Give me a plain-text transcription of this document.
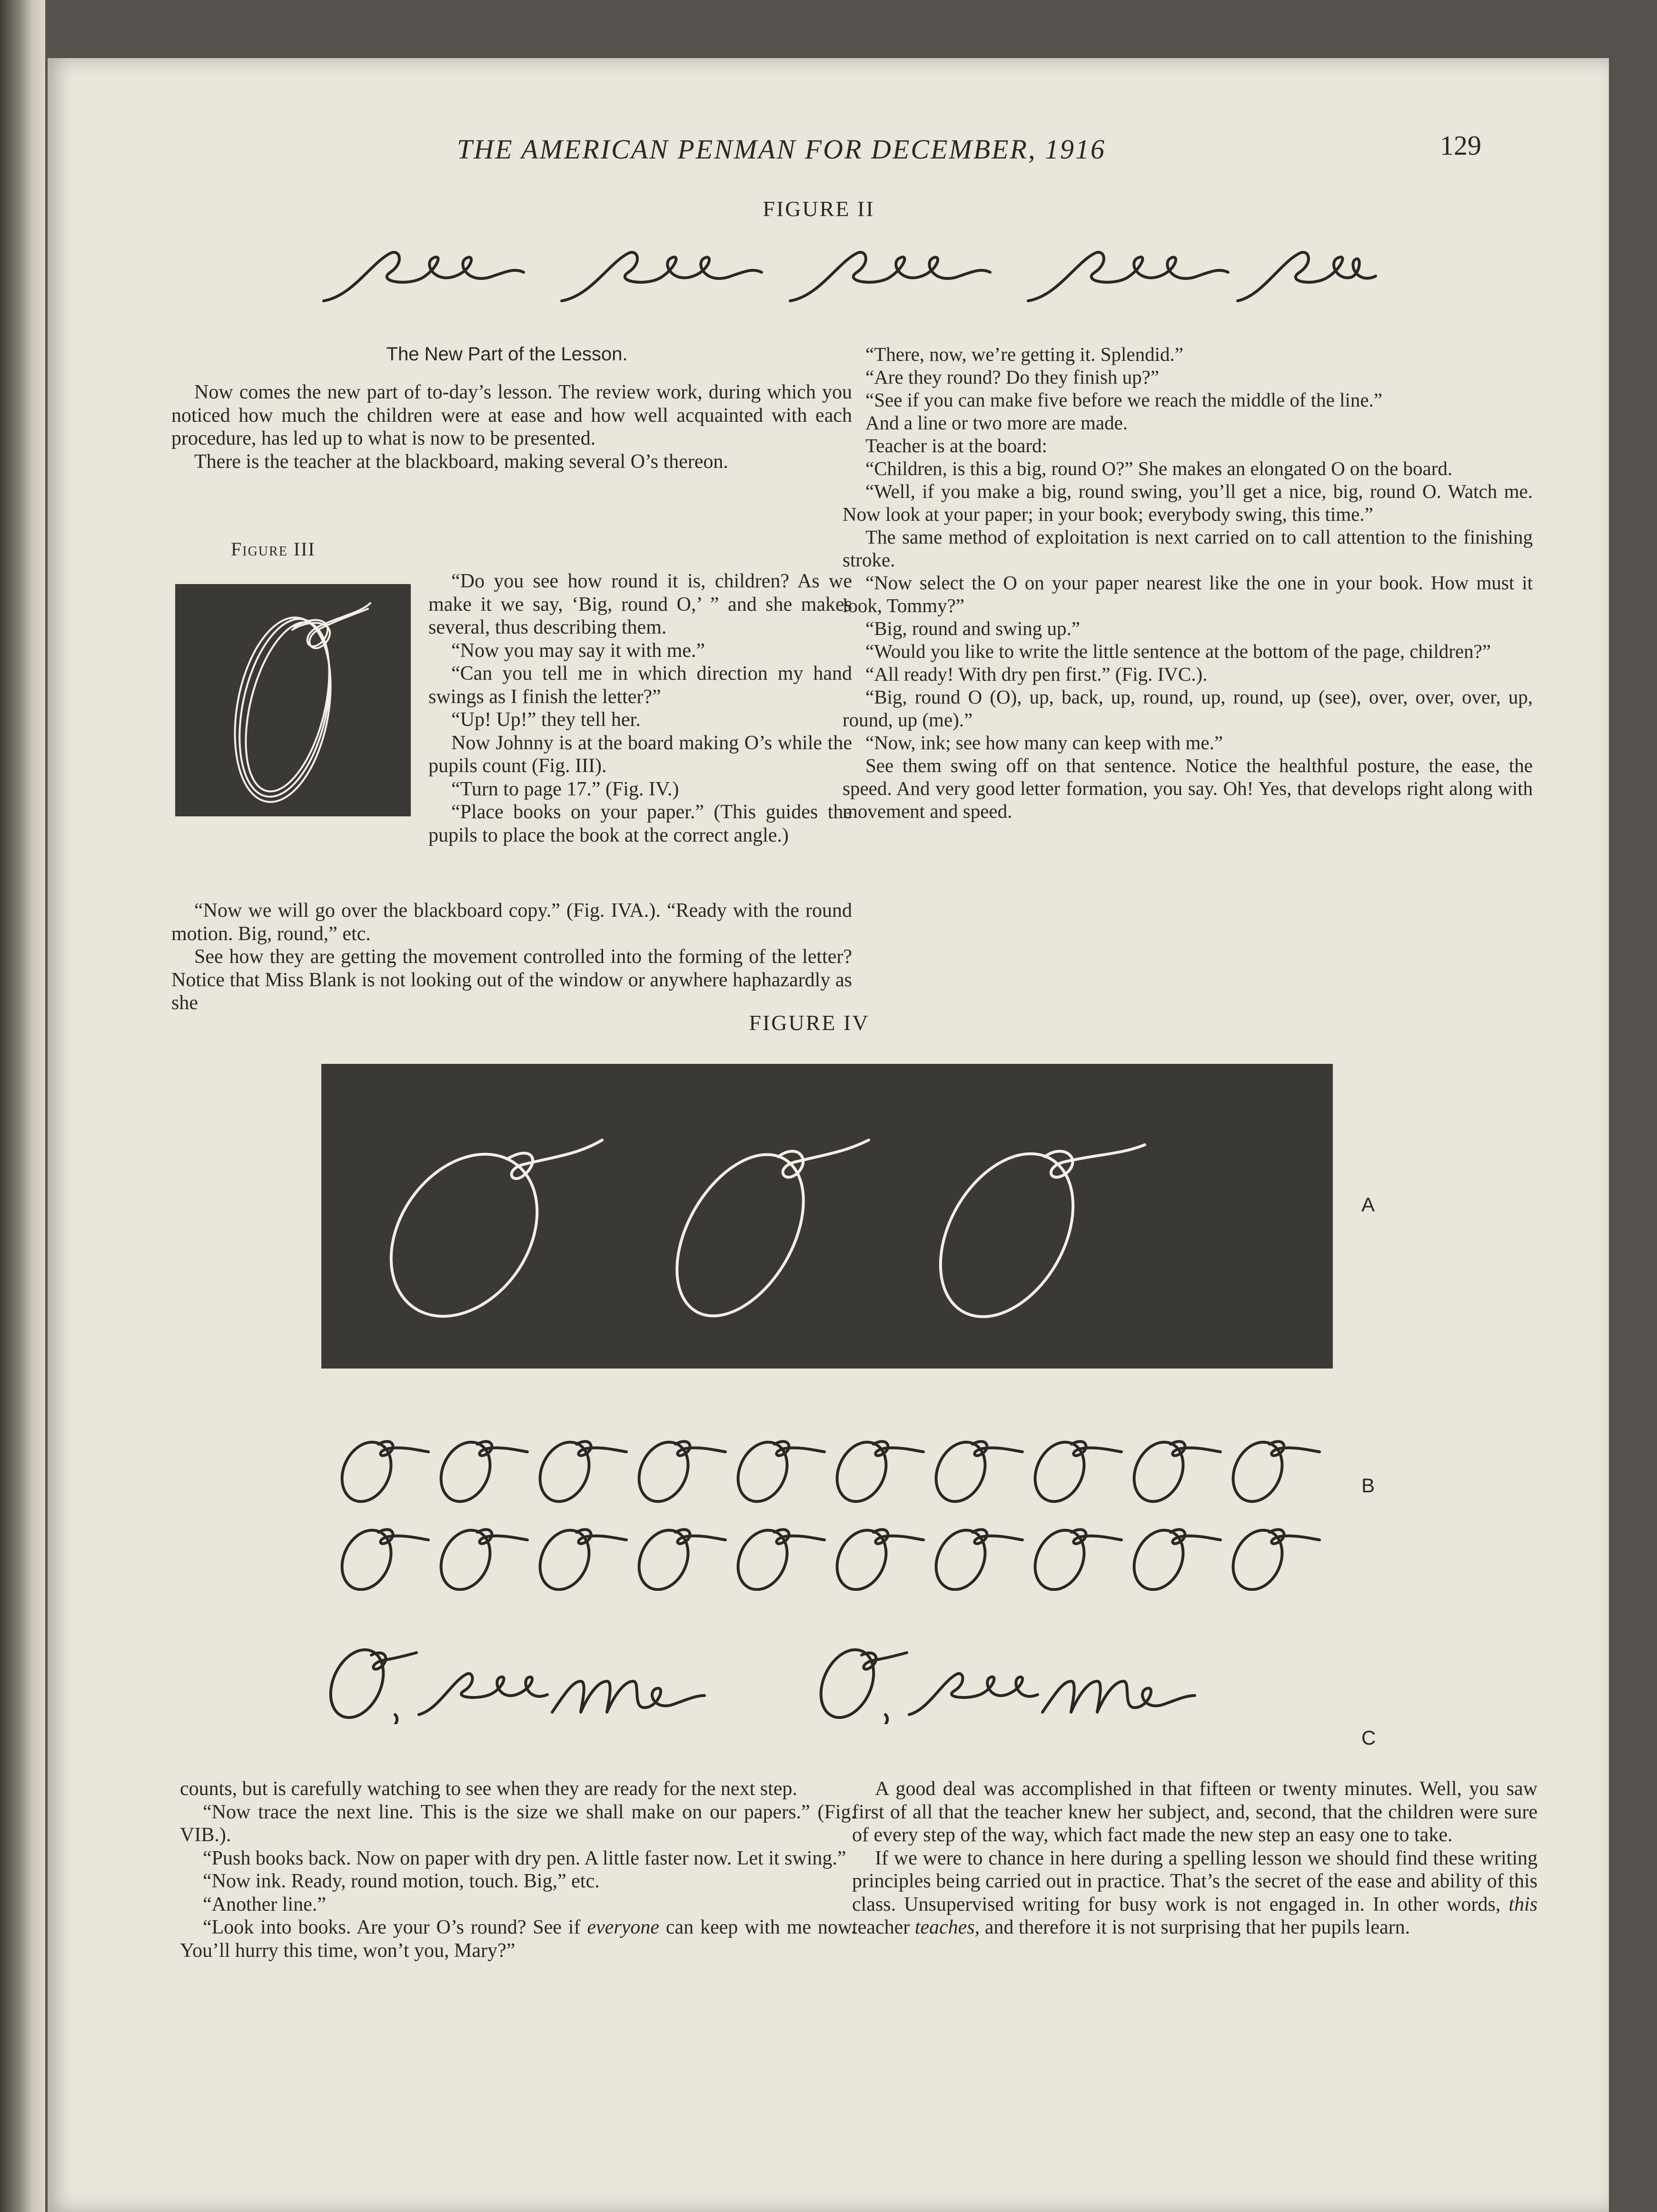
THE AMERICAN PENMAN FOR DECEMBER, 1916	129
FIGURE II
The New Part of the Lesson.

Now comes the new part of to-day’s lesson. The review work, during which you noticed how much the children were at ease and how well acquainted with each procedure, has led up to what is now to be presented.

There is the teacher at the blackboard, making several O’s thereon.

Figure III

“Do you see how round it is, children? As we make it we say, ‘Big, round O,’ ” and she makes several, thus describing them.

“Now you may say it with me.”

“Can you tell me in which direction my hand swings as I finish the letter?”

“Up! Up!” they tell her.

Now Johnny is at the board making O’s while the pupils count (Fig. III).

“Turn to page 17.” (Fig. IV.)

“Place books on your paper.” (This guides the pupils to place the book at the correct angle.)

“Now we will go over the blackboard copy.” (Fig. IVA.). “Ready with the round motion. Big, round,” etc.

See how they are getting the movement controlled into the forming of the letter? Notice that Miss Blank is not looking out of the window or anywhere haphazardly as she

“There, now, we’re getting it. Splendid.”

“Are they round? Do they finish up?”

“See if you can make five before we reach the middle of the line.”

And a line or two more are made.

Teacher is at the board:

“Children, is this a big, round O?” She makes an elongated O on the board.

“Well, if you make a big, round swing, you’ll get a nice, big, round O. Watch me. Now look at your paper; in your book; everybody swing, this time.”

The same method of exploitation is next carried on to call attention to the finishing stroke.

“Now select the O on your paper nearest like the one in your book. How must it look, Tommy?”

“Big, round and swing up.”

“Would you like to write the little sentence at the bottom of the page, children?”

“All ready! With dry pen first.” (Fig. IVC.).

“Big, round O (O), up, back, up, round, up, round, up (see), over, over, over, up, round, up (me).”

“Now, ink; see how many can keep with me.”

See them swing off on that sentence. Notice the healthful posture, the ease, the speed. And very good letter formation, you say. Oh! Yes, that develops right along with movement and speed.

FIGURE IV
A
B
C

counts, but is carefully watching to see when they are ready for the next step.

“Now trace the next line. This is the size we shall make on our papers.” (Fig. VIB.).

“Push books back. Now on paper with dry pen. A little faster now. Let it swing.”

“Now ink. Ready, round motion, touch. Big,” etc.

“Another line.”

“Look into books. Are your O’s round? See if everyone can keep with me now. You’ll hurry this time, won’t you, Mary?”

A good deal was accomplished in that fifteen or twenty minutes. Well, you saw first of all that the teacher knew her subject, and, second, that the children were sure of every step of the way, which fact made the new step an easy one to take.

If we were to chance in here during a spelling lesson we should find these writing principles being carried out in practice. That’s the secret of the ease and ability of this class. Unsupervised writing for busy work is not engaged in. In other words, this teacher teaches, and therefore it is not surprising that her pupils learn.
